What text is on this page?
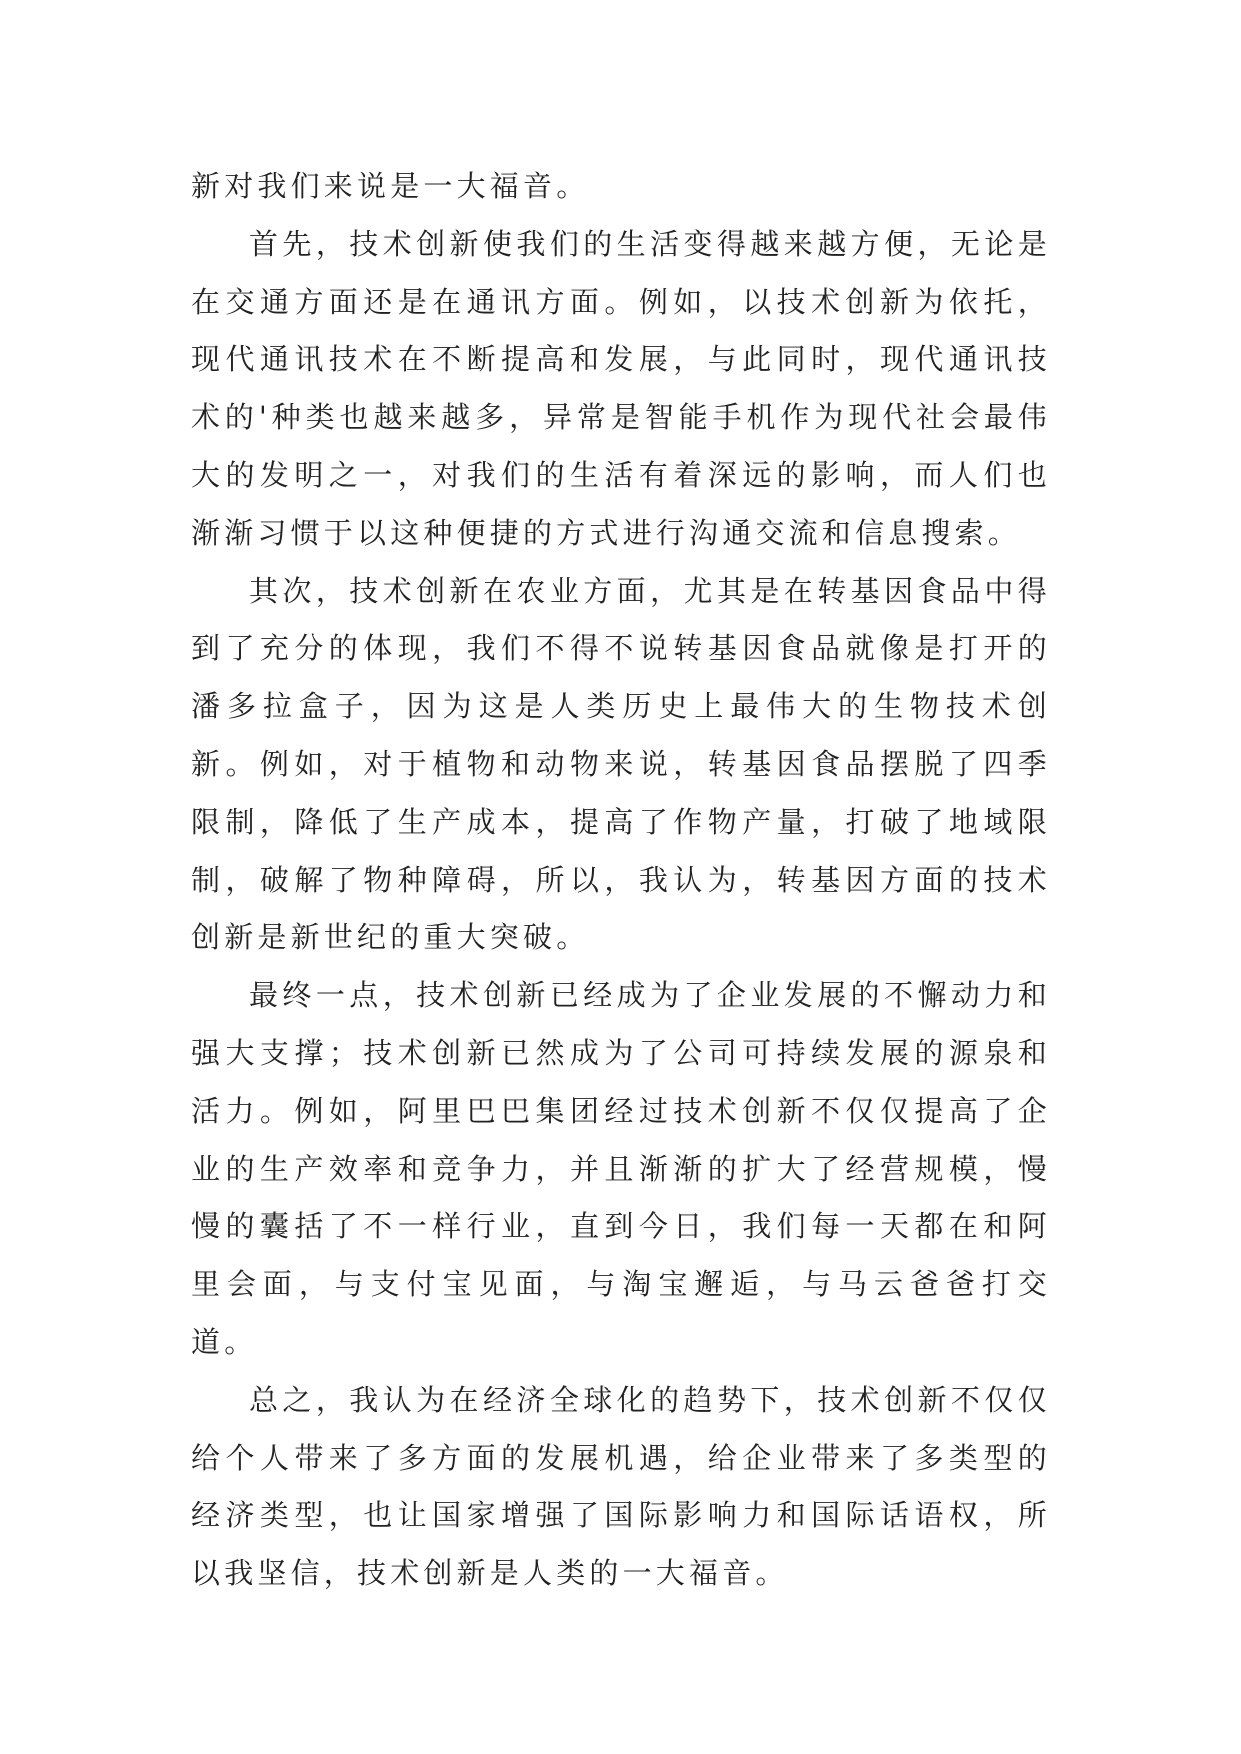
新对我们来说是一大福音。

首先，技术创新使我们的生活变得越来越方便，无论是在交通方面还是在通讯方面。例如，以技术创新为依托，现代通讯技术在不断提高和发展，与此同时，现代通讯技术的'种类也越来越多，异常是智能手机作为现代社会最伟大的发明之一，对我们的生活有着深远的影响，而人们也渐渐习惯于以这种便捷的方式进行沟通交流和信息搜索。

其次，技术创新在农业方面，尤其是在转基因食品中得到了充分的体现，我们不得不说转基因食品就像是打开的潘多拉盒子，因为这是人类历史上最伟大的生物技术创新。例如，对于植物和动物来说，转基因食品摆脱了四季限制，降低了生产成本，提高了作物产量，打破了地域限制，破解了物种障碍，所以，我认为，转基因方面的技术创新是新世纪的重大突破。

最终一点，技术创新已经成为了企业发展的不懈动力和强大支撑；技术创新已然成为了公司可持续发展的源泉和活力。例如，阿里巴巴集团经过技术创新不仅仅提高了企业的生产效率和竞争力，并且渐渐的扩大了经营规模，慢慢的囊括了不一样行业，直到今日，我们每一天都在和阿里会面，与支付宝见面，与淘宝邂逅，与马云爸爸打交道。

总之，我认为在经济全球化的趋势下，技术创新不仅仅给个人带来了多方面的发展机遇，给企业带来了多类型的经济类型，也让国家增强了国际影响力和国际话语权，所以我坚信，技术创新是人类的一大福音。
